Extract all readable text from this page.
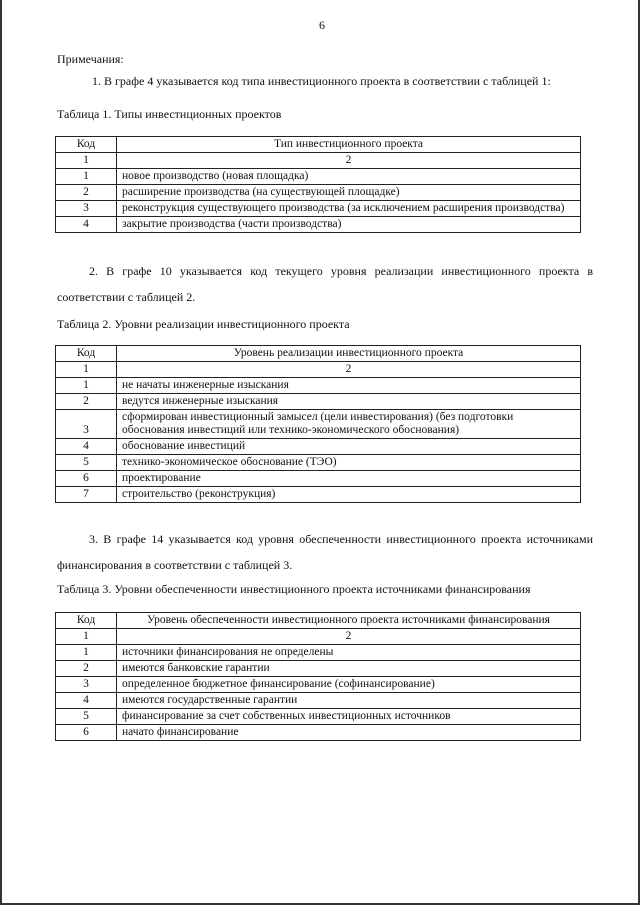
6
Примечания:
1. В графе 4 указывается код типа инвестиционного проекта в соответствии с таблицей 1:
Таблица 1. Типы инвестиционных проектов
Код	Тип инвестиционного проекта
1	2
1	новое производство (новая площадка)
2	расширение производства (на существующей площадке)
3	реконструкция существующего производства (за исключением расширения производства)
4	закрытие производства (части производства)
2. В графе 10 указывается код текущего уровня реализации инвестиционного проекта в соответствии с таблицей 2.
Таблица 2. Уровни реализации инвестиционного проекта
Код	Уровень реализации инвестиционного проекта
1	2
1	не начаты инженерные изыскания
2	ведутся инженерные изыскания
3	сформирован инвестиционный замысел (цели инвестирования) (без подготовки обоснования инвестиций или технико-экономического обоснования)
4	обоснование инвестиций
5	технико-экономическое обоснование (ТЭО)
6	проектирование
7	строительство (реконструкция)
3. В графе 14 указывается код уровня обеспеченности инвестиционного проекта источниками финансирования в соответствии с таблицей 3.
Таблица 3. Уровни обеспеченности инвестиционного проекта источниками финансирования
Код	Уровень обеспеченности инвестиционного проекта источниками финансирования
1	2
1	источники финансирования не определены
2	имеются банковские гарантии
3	определенное бюджетное финансирование (софинансирование)
4	имеются государственные гарантии
5	финансирование за счет собственных инвестиционных источников
6	начато финансирование
